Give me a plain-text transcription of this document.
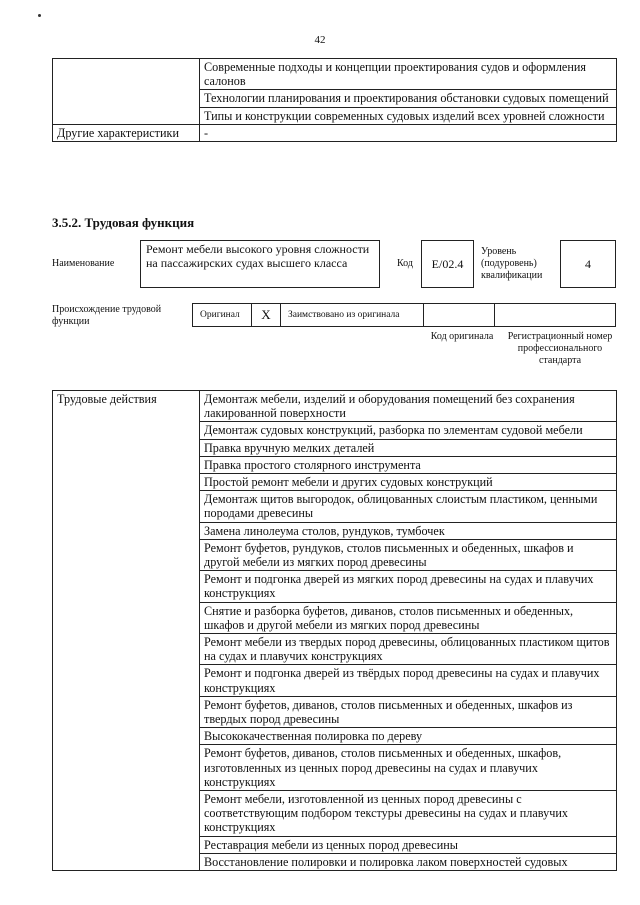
42
	Современные подходы и концепции проектирования судов и оформления салонов
	Технологии планирования и проектирования обстановки судовых помещений
	Типы и конструкции современных судовых изделий всех уровней сложности
Другие характеристики	-
3.5.2. Трудовая функция
Наименование
Ремонт мебели высокого уровня сложности на пассажирских судах высшего класса	Код	E/02.4
Уровень (подуровень) квалификации
4
Происхождение трудовой функции
Оригинал	X	Заимствовано из оригинала
Код оригинала	Регистрационный номер профессионального стандарта
Трудовые действия	Демонтаж мебели, изделий и оборудования помещений без сохранения лакированной поверхности
Демонтаж судовых конструкций, разборка по элементам судовой мебели
Правка вручную мелких деталей
Правка простого столярного инструмента
Простой ремонт мебели и других судовых конструкций
Демонтаж щитов выгородок, облицованных слоистым пластиком, ценными породами древесины
Замена линолеума столов, рундуков, тумбочек
Ремонт буфетов, рундуков, столов письменных и обеденных, шкафов и другой мебели из мягких пород древесины
Ремонт и подгонка дверей из мягких пород древесины на судах и плавучих конструкциях
Снятие и разборка буфетов, диванов, столов письменных и обеденных, шкафов и другой мебели из мягких пород древесины
Ремонт мебели из твердых пород древесины, облицованных пластиком щитов на судах и плавучих конструкциях
Ремонт и подгонка дверей из твёрдых пород древесины на судах и плавучих конструкциях
Ремонт буфетов, диванов, столов письменных и обеденных, шкафов из твердых пород древесины
Высококачественная полировка по дереву
Ремонт буфетов, диванов, столов письменных и обеденных, шкафов, изготовленных из ценных пород древесины на судах и плавучих конструкциях
Ремонт мебели, изготовленной из ценных пород древесины с соответствующим подбором текстуры древесины на судах и плавучих конструкциях
Реставрация мебели из ценных пород древесины
Восстановление полировки и полировка лаком поверхностей судовых
